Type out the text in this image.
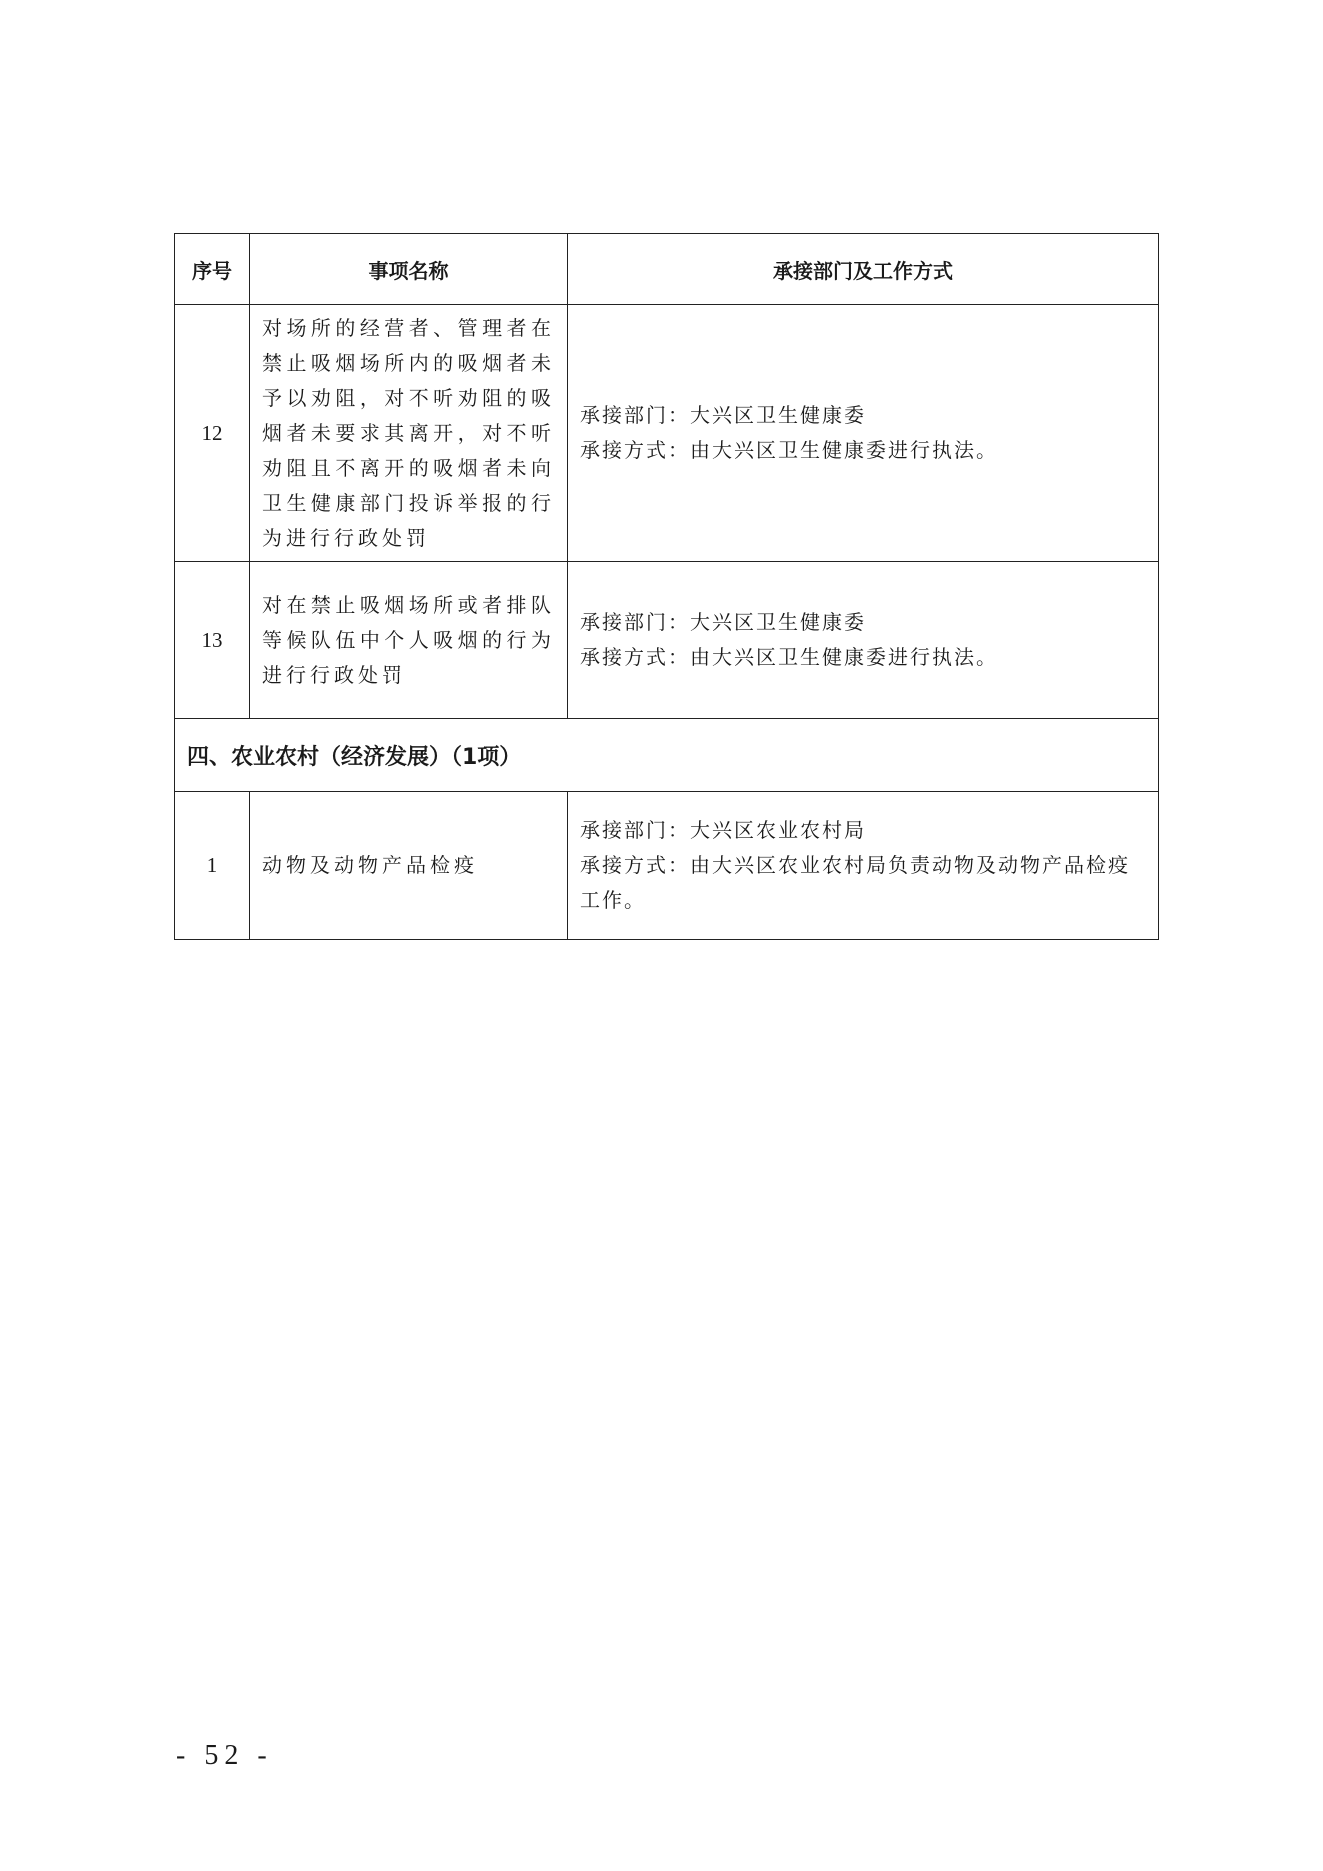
序号	事项名称	承接部门及工作方式
12	对场所的经营者、管理者在禁止吸烟场所内的吸烟者未予以劝阻，对不听劝阻的吸烟者未要求其离开，对不听劝阻且不离开的吸烟者未向卫生健康部门投诉举报的行为进行行政处罚	承接部门：大兴区卫生健康委
承接方式：由大兴区卫生健康委进行执法。

13	对在禁止吸烟场所或者排队等候队伍中个人吸烟的行为进行行政处罚	承接部门：大兴区卫生健康委
承接方式：由大兴区卫生健康委进行执法。

四、农业农村（经济发展）（1项）		
1	动物及动物产品检疫	承接部门：大兴区农业农村局
承接方式：由大兴区农业农村局负责动物及动物产品检疫工作。
- 52 -
